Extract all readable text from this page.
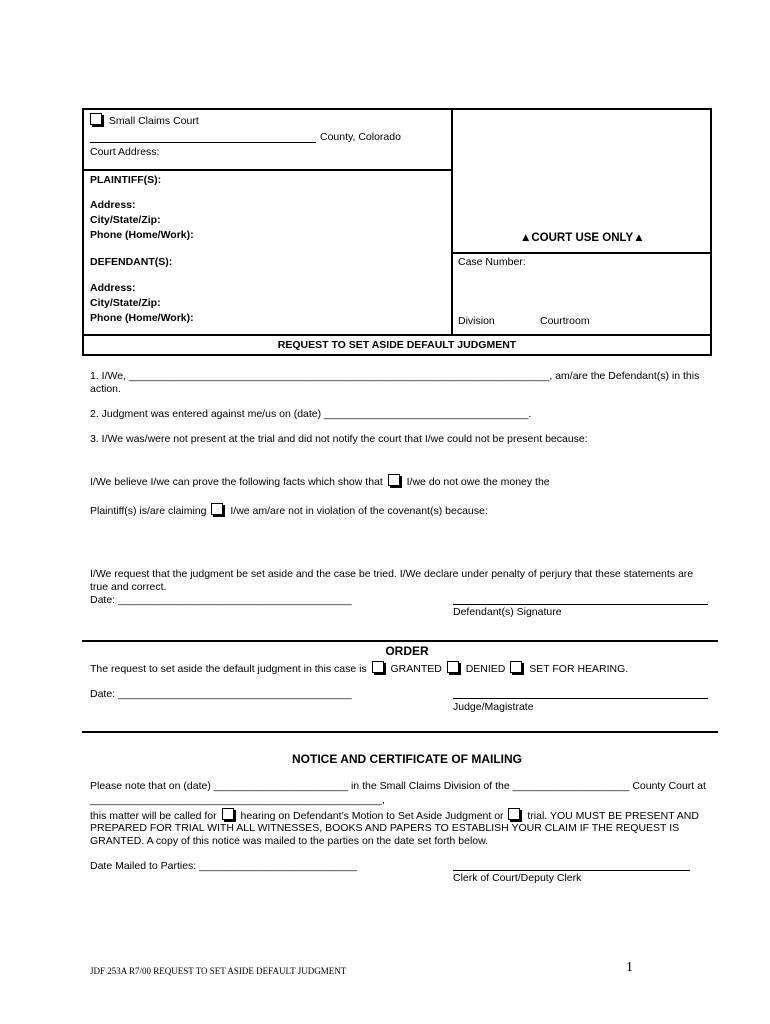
Small Claims Court
County, Colorado
Court Address:
PLAINTIFF(S):
Address:
City/State/Zip:
Phone (Home/Work):
DEFENDANT(S):
Address:
City/State/Zip:
Phone (Home/Work):
▲COURT USE ONLY▲
Case Number:
Division	Courtroom
REQUEST TO SET ASIDE DEFAULT JUDGMENT
1. I/We, ________________________________________________________________________, am/are the Defendant(s) in this
action.
2. Judgment was entered against me/us on (date) ___________________________________.
3. I/We was/were not present at the trial and did not notify the court that I/we could not be present because:
I/We believe I/we can prove the following facts which show that I/we do not owe the money the
Plaintiff(s) is/are claiming I/we am/are not in violation of the covenant(s) because:
I/We request that the judgment be set aside and the case be tried. I/We declare under penalty of perjury that these statements are true and correct.
Date: ________________________________________
Defendant(s) Signature
ORDER
The request to set aside the default judgment in this case is GRANTED DENIED SET FOR HEARING.
Date: ________________________________________
Judge/Magistrate
NOTICE AND CERTIFICATE OF MAILING
Please note that on (date) _______________________ in the Small Claims Division of the ____________________ County Court at
__________________________________________________,
this matter will be called for hearing on Defendant’s Motion to Set Aside Judgment or trial. YOU MUST BE PRESENT AND
PREPARED FOR TRIAL WITH ALL WITNESSES, BOOKS AND PAPERS TO ESTABLISH YOUR CLAIM IF THE REQUEST IS
GRANTED. A copy of this notice was mailed to the parties on the date set forth below.
Date Mailed to Parties: ___________________________
Clerk of Court/Deputy Clerk
JDF 253A R7/00 REQUEST TO SET ASIDE DEFAULT JUDGMENT	1
